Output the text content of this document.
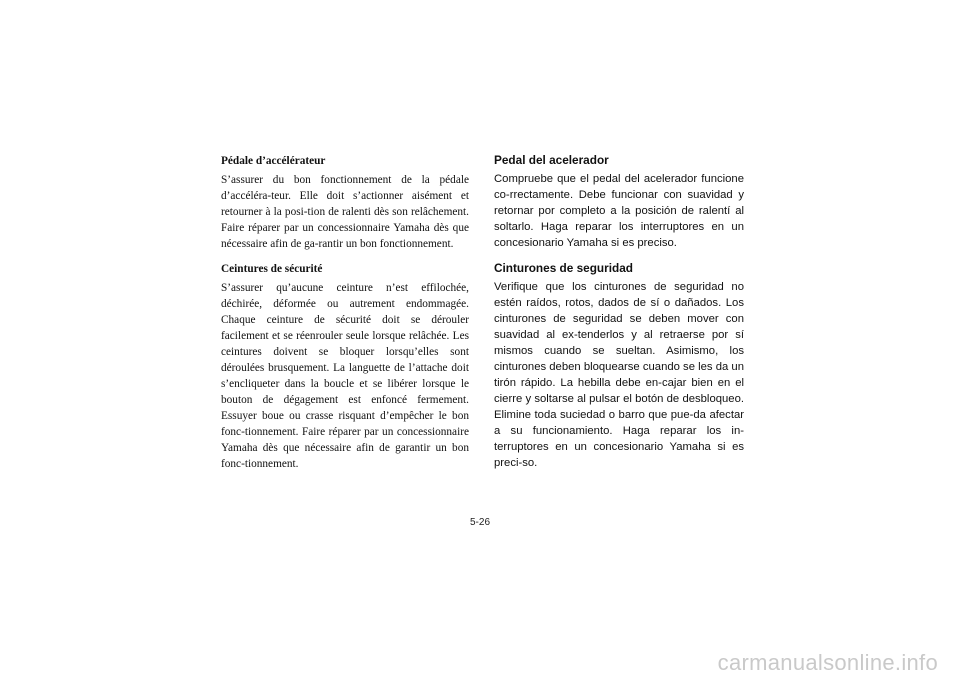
Pédale d’accélérateur

S’assurer du bon fonctionnement de la pédale d’accéléra-teur. Elle doit s’actionner aisément et retourner à la posi-tion de ralenti dès son relâchement. Faire réparer par un concessionnaire Yamaha dès que nécessaire afin de ga-rantir un bon fonctionnement.

Ceintures de sécurité

S’assurer qu’aucune ceinture n’est effilochée, déchirée, déformée ou autrement endommagée. Chaque ceinture de sécurité doit se dérouler facilement et se réenrouler seule lorsque relâchée. Les ceintures doivent se bloquer lorsqu’elles sont déroulées brusquement. La languette de l’attache doit s’encliqueter dans la boucle et se libérer lorsque le bouton de dégagement est enfoncé fermement. Essuyer boue ou crasse risquant d’empêcher le bon fonc-tionnement. Faire réparer par un concessionnaire Yamaha dès que nécessaire afin de garantir un bon fonc-tionnement.

Pedal del acelerador

Compruebe que el pedal del acelerador funcione co-rrectamente. Debe funcionar con suavidad y retornar por completo a la posición de ralentí al soltarlo. Haga reparar los interruptores en un concesionario Yamaha si es preciso.

Cinturones de seguridad

Verifique que los cinturones de seguridad no estén raídos, rotos, dados de sí o dañados. Los cinturones de seguridad se deben mover con suavidad al ex-tenderlos y al retraerse por sí mismos cuando se sueltan. Asimismo, los cinturones deben bloquearse cuando se les da un tirón rápido. La hebilla debe en-cajar bien en el cierre y soltarse al pulsar el botón de desbloqueo. Elimine toda suciedad o barro que pue-da afectar a su funcionamiento. Haga reparar los in-terruptores en un concesionario Yamaha si es preci-so.

5-26
carmanualsonline.info
